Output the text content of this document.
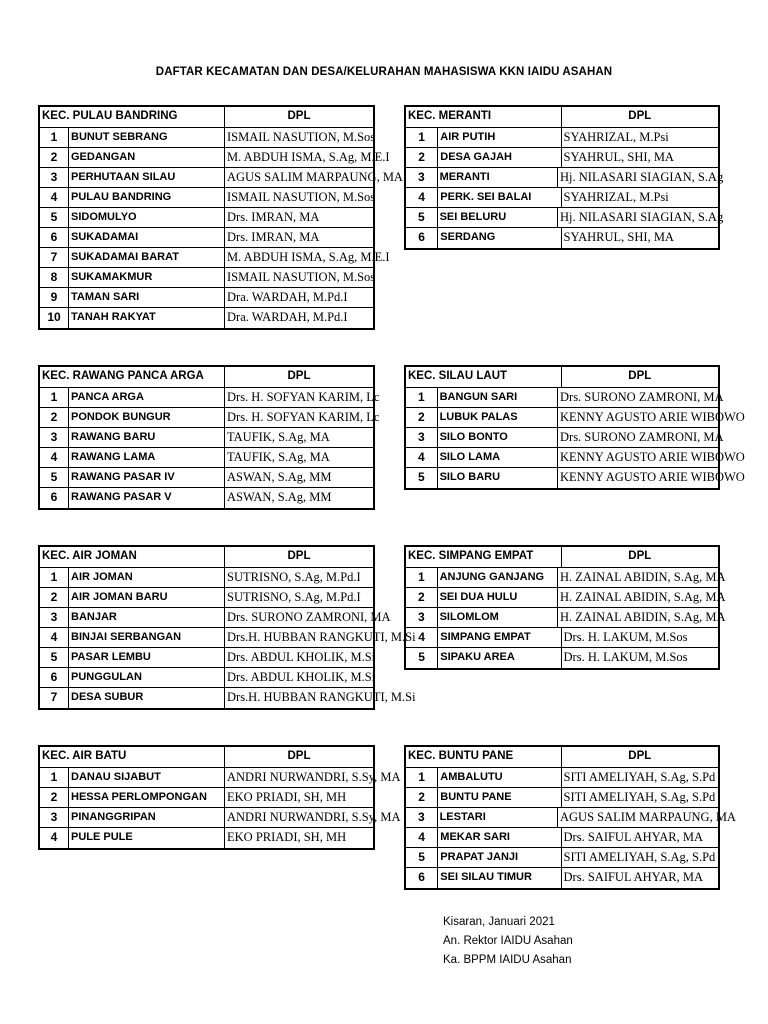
DAFTAR KECAMATAN DAN DESA/KELURAHAN MAHASISWA KKN IAIDU ASAHAN
KEC. PULAU BANDRING	DPL
1	BUNUT SEBRANG	ISMAIL NASUTION, M.Sos
2	GEDANGAN	M. ABDUH ISMA, S.Ag, M.E.I
3	PERHUTAAN SILAU	AGUS SALIM MARPAUNG, MA
4	PULAU BANDRING	ISMAIL NASUTION, M.Sos
5	SIDOMULYO	Drs. IMRAN, MA
6	SUKADAMAI	Drs. IMRAN, MA
7	SUKADAMAI BARAT	M. ABDUH ISMA, S.Ag, M.E.I
8	SUKAMAKMUR	ISMAIL NASUTION, M.Sos
9	TAMAN SARI	Dra. WARDAH, M.Pd.I
10 TANAH RAKYAT	Dra. WARDAH, M.Pd.I
KEC. MERANTI	DPL
1	AIR PUTIH	SYAHRIZAL, M.Psi
2	DESA GAJAH	SYAHRUL, SHI, MA
3	MERANTI	Hj. NILASARI SIAGIAN, S.Ag
4	PERK. SEI BALAI	SYAHRIZAL, M.Psi
5	SEI BELURU	Hj. NILASARI SIAGIAN, S.Ag
6	SERDANG	SYAHRUL, SHI, MA
KEC. RAWANG PANCA ARGA	DPL
1	PANCA ARGA	Drs. H. SOFYAN KARIM, Lc
2	PONDOK BUNGUR	Drs. H. SOFYAN KARIM, Lc
3	RAWANG BARU	TAUFIK, S.Ag, MA
4	RAWANG LAMA	TAUFIK, S.Ag, MA
5	RAWANG PASAR IV	ASWAN, S.Ag, MM
6	RAWANG PASAR V	ASWAN, S.Ag, MM
KEC. SILAU LAUT	DPL
1	BANGUN SARI	Drs. SURONO ZAMRONI, MA
2	LUBUK PALAS	KENNY AGUSTO ARIE WIBOWO
3	SILO BONTO	Drs. SURONO ZAMRONI, MA
4	SILO LAMA	KENNY AGUSTO ARIE WIBOWO
5	SILO BARU	KENNY AGUSTO ARIE WIBOWO
KEC. AIR JOMAN	DPL
1	AIR JOMAN	SUTRISNO, S.Ag, M.Pd.I
2	AIR JOMAN BARU	SUTRISNO, S.Ag, M.Pd.I
3	BANJAR	Drs. SURONO ZAMRONI, MA
4	BINJAI SERBANGAN	Drs.H. HUBBAN RANGKUTI, M.Si
5	PASAR LEMBU	Drs. ABDUL KHOLIK, M.Si
6	PUNGGULAN	Drs. ABDUL KHOLIK, M.Si
7	DESA SUBUR	Drs.H. HUBBAN RANGKUTI, M.Si
KEC. SIMPANG EMPAT	DPL
1	ANJUNG GANJANG	H. ZAINAL ABIDIN, S.Ag, MA
2	SEI DUA HULU	H. ZAINAL ABIDIN, S.Ag, MA
3	SILOMLOM	H. ZAINAL ABIDIN, S.Ag, MA
4	SIMPANG EMPAT	Drs. H. LAKUM, M.Sos
5	SIPAKU AREA	Drs. H. LAKUM, M.Sos
KEC. AIR BATU	DPL
1	DANAU SIJABUT	ANDRI NURWANDRI, S.Sy, MA
2	HESSA PERLOMPONGAN	EKO PRIADI, SH, MH
3	PINANGGRIPAN	ANDRI NURWANDRI, S.Sy, MA
4	PULE PULE	EKO PRIADI, SH, MH
KEC. BUNTU PANE	DPL
1	AMBALUTU	SITI AMELIYAH, S.Ag, S.Pd
2	BUNTU PANE	SITI AMELIYAH, S.Ag, S.Pd
3	LESTARI	AGUS SALIM MARPAUNG, MA
4	MEKAR SARI	Drs. SAIFUL AHYAR, MA
5	PRAPAT JANJI	SITI AMELIYAH, S.Ag, S.Pd
6	SEI SILAU TIMUR	Drs. SAIFUL AHYAR, MA
Kisaran, Januari 2021
An. Rektor IAIDU Asahan
Ka. BPPM IAIDU Asahan
